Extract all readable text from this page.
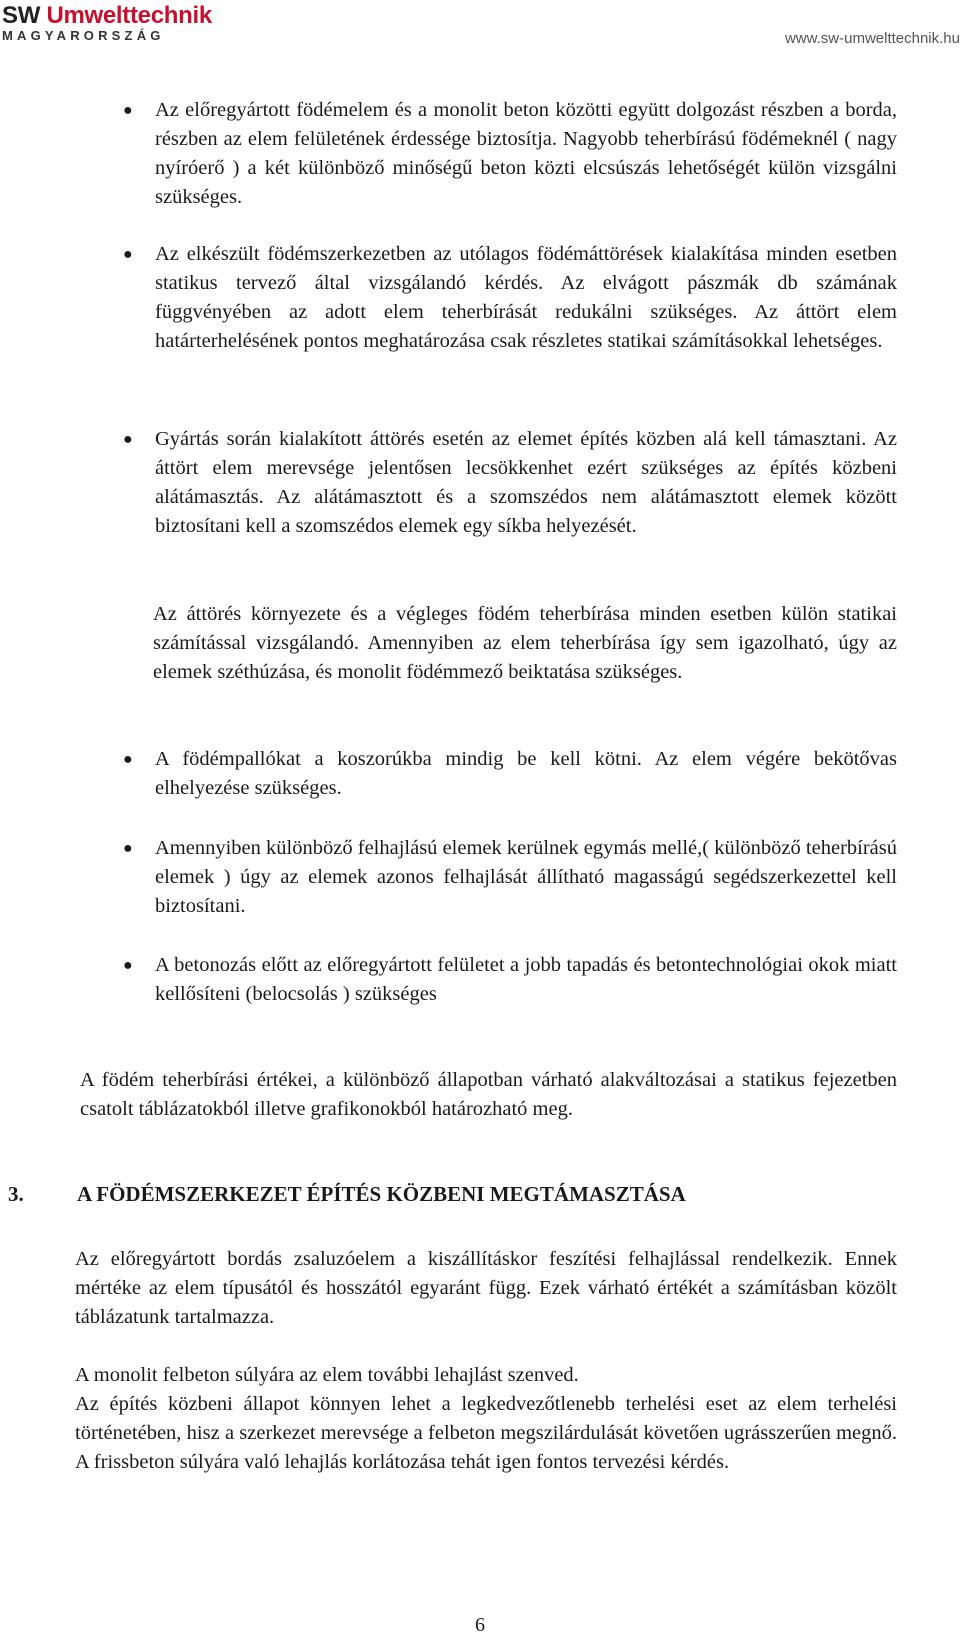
SW Umwelttechnik
MAGYARORSZÁG	www.sw-umwelttechnik.hu
● Az előregyártott födémelem és a monolit beton közötti együtt dolgozást részben a borda, részben az elem felületének érdessége biztosítja. Nagyobb teherbírású födémeknél ( nagy nyíróerő ) a két különböző minőségű beton közti elcsúszás lehetőségét külön vizsgálni szükséges.
● Az elkészült födémszerkezetben az utólagos födémáttörések kialakítása minden esetben statikus tervező által vizsgálandó kérdés. Az elvágott pászmák db számának függvényében az adott elem teherbírását redukálni szükséges. Az áttört elem határterhelésének pontos meghatározása csak részletes statikai számításokkal lehetséges.
● Gyártás során kialakított áttörés esetén az elemet építés közben alá kell támasztani. Az áttört elem merevsége jelentősen lecsökkenhet ezért szükséges az építés közbeni alátámasztás. Az alátámasztott és a szomszédos nem alátámasztott elemek között biztosítani kell a szomszédos elemek egy síkba helyezését.
● A födémpallókat a koszorúkba mindig be kell kötni. Az elem végére bekötővas elhelyezése szükséges.
● Amennyiben különböző felhajlású elemek kerülnek egymás mellé,( különböző teherbírású elemek ) úgy az elemek azonos felhajlását állítható magasságú segédszerkezettel kell biztosítani.
● A betonozás előtt az előregyártott felületet a jobb tapadás és betontechnológiai okok miatt kellősíteni (belocsolás ) szükséges
Az áttörés környezete és a végleges födém teherbírása minden esetben külön statikai számítással vizsgálandó. Amennyiben az elem teherbírása így sem igazolható, úgy az elemek széthúzása, és monolit födémmező beiktatása szükséges.
A födém teherbírási értékei, a különböző állapotban várható alakváltozásai a statikus fejezetben csatolt táblázatokból illetve grafikonokból határozható meg.
3.	A FÖDÉMSZERKEZET ÉPÍTÉS KÖZBENI MEGTÁMASZTÁSA
Az előregyártott bordás zsaluzóelem a kiszállításkor feszítési felhajlással rendelkezik. Ennek mértéke az elem típusától és hosszától egyaránt függ. Ezek várható értékét a számításban közölt táblázatunk tartalmazza.
A monolit felbeton súlyára az elem további lehajlást szenved.
Az építés közbeni állapot könnyen lehet a legkedvezőtlenebb terhelési eset az elem terhelési történetében, hisz a szerkezet merevsége a felbeton megszilárdulását követően ugrásszerűen megnő. A frissbeton súlyára való lehajlás korlátozása tehát igen fontos tervezési kérdés.
6
